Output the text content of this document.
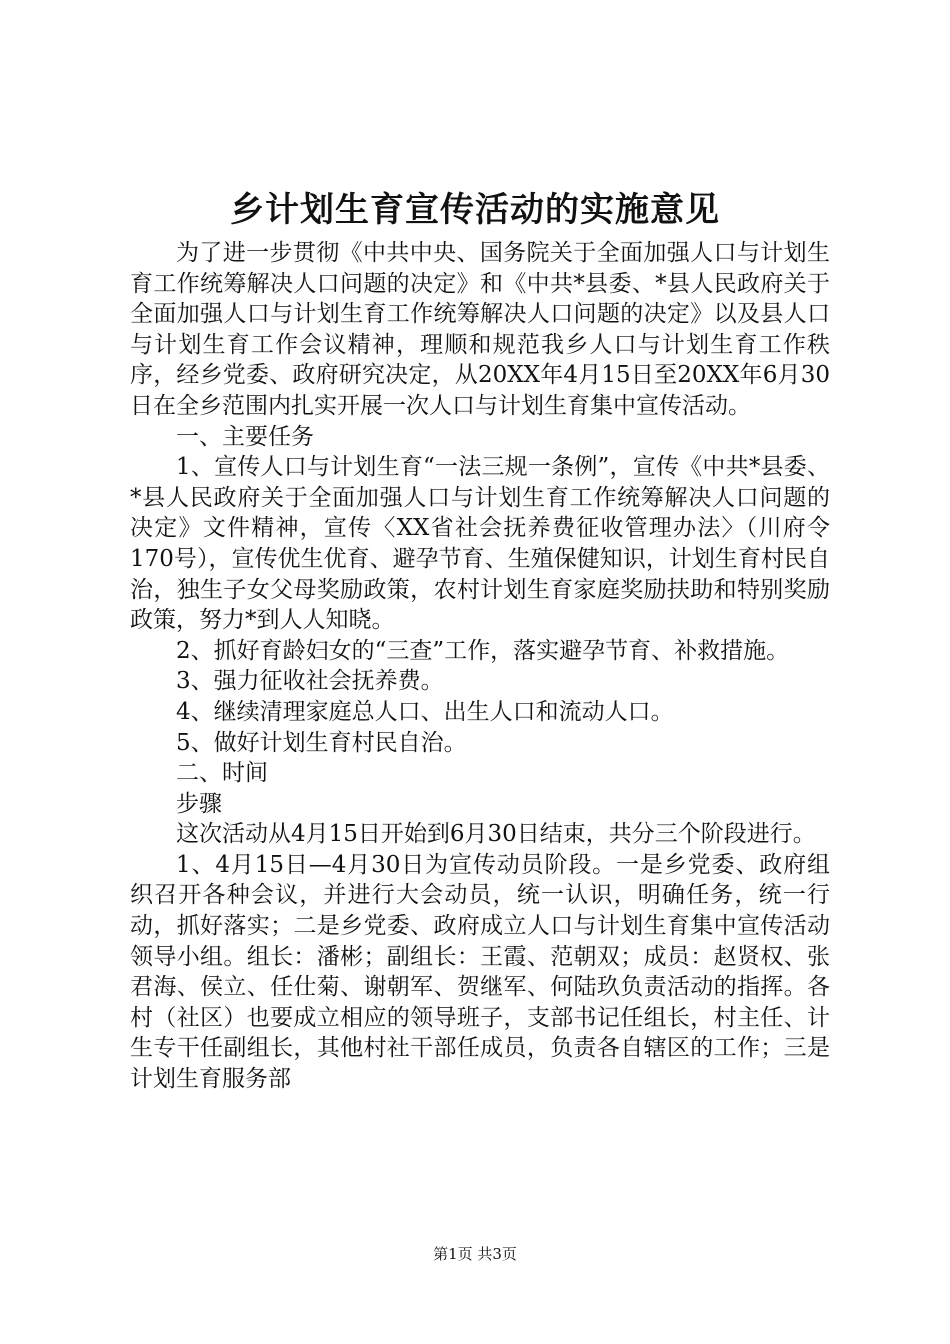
乡计划生育宣传活动的实施意见

为了进一步贯彻《中共中央、国务院关于全面加强人口与计划生育工作统筹解决人口问题的决定》和《中共*县委、*县人民政府关于全面加强人口与计划生育工作统筹解决人口问题的决定》以及县人口与计划生育工作会议精神，理顺和规范我乡人口与计划生育工作秩序，经乡党委、政府研究决定，从20XX年4月15日至20XX年6月30日在全乡范围内扎实开展一次人口与计划生育集中宣传活动。

一、主要任务

1、宣传人口与计划生育“一法三规一条例”，宣传《中共*县委、*县人民政府关于全面加强人口与计划生育工作统筹解决人口问题的决定》文件精神，宣传〈XX省社会抚养费征收管理办法〉（川府令170号），宣传优生优育、避孕节育、生殖保健知识，计划生育村民自治，独生子女父母奖励政策，农村计划生育家庭奖励扶助和特别奖励政策，努力*到人人知晓。

2、抓好育龄妇女的“三查”工作，落实避孕节育、补救措施。

3、强力征收社会抚养费。

4、继续清理家庭总人口、出生人口和流动人口。

5、做好计划生育村民自治。

二、时间

步骤

这次活动从4月15日开始到6月30日结束，共分三个阶段进行。

1、4月15日—4月30日为宣传动员阶段。一是乡党委、政府组织召开各种会议，并进行大会动员，统一认识，明确任务，统一行动，抓好落实；二是乡党委、政府成立人口与计划生育集中宣传活动领导小组。组长：潘彬；副组长：王霞、范朝双；成员：赵贤权、张君海、侯立、任仕菊、谢朝军、贺继军、何陆玖负责活动的指挥。各村（社区）也要成立相应的领导班子，支部书记任组长，村主任、计生专干任副组长，其他村社干部任成员，负责各自辖区的工作；三是计划生育服务部

第1页 共3页
